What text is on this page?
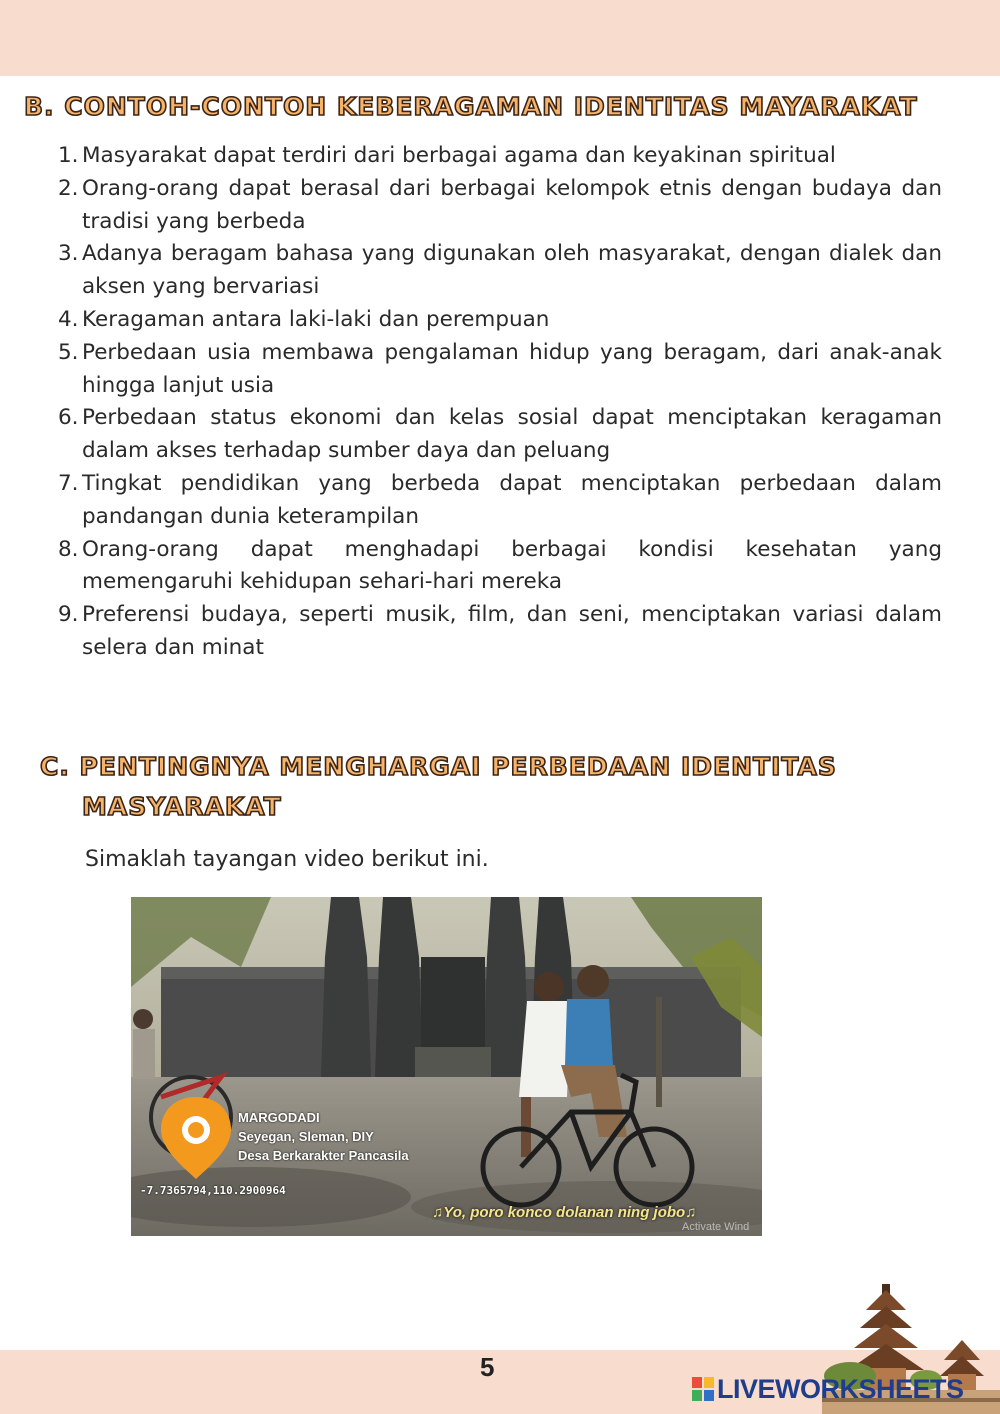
B. CONTOH-CONTOH KEBERAGAMAN IDENTITAS MAYARAKAT
1. Masyarakat dapat terdiri dari berbagai agama dan keyakinan spiritual
2. Orang-orang dapat berasal dari berbagai kelompok etnis dengan budaya dan tradisi yang berbeda
3. Adanya beragam bahasa yang digunakan oleh masyarakat, dengan dialek dan aksen yang bervariasi
4. Keragaman antara laki-laki dan perempuan
5. Perbedaan usia membawa pengalaman hidup yang beragam, dari anak-anak hingga lanjut usia
6. Perbedaan status ekonomi dan kelas sosial dapat menciptakan keragaman dalam akses terhadap sumber daya dan peluang
7. Tingkat pendidikan yang berbeda dapat menciptakan perbedaan dalam pandangan dunia keterampilan
8. Orang-orang dapat menghadapi berbagai kondisi kesehatan yang memengaruhi kehidupan sehari-hari mereka
9. Preferensi budaya, seperti musik, film, dan seni, menciptakan variasi dalam selera dan minat
C. PENTINGNYA MENGHARGAI PERBEDAAN IDENTITAS
MASYARAKAT
Simaklah tayangan video berikut ini.
MARGODADI
Seyegan, Sleman, DIY
Desa Berkarakter Pancasila
-7.7365794,110.2900964
♫Yo, poro konco dolanan ning jobo♫
Activate Wind
5
LIVEWORKSHEETS
